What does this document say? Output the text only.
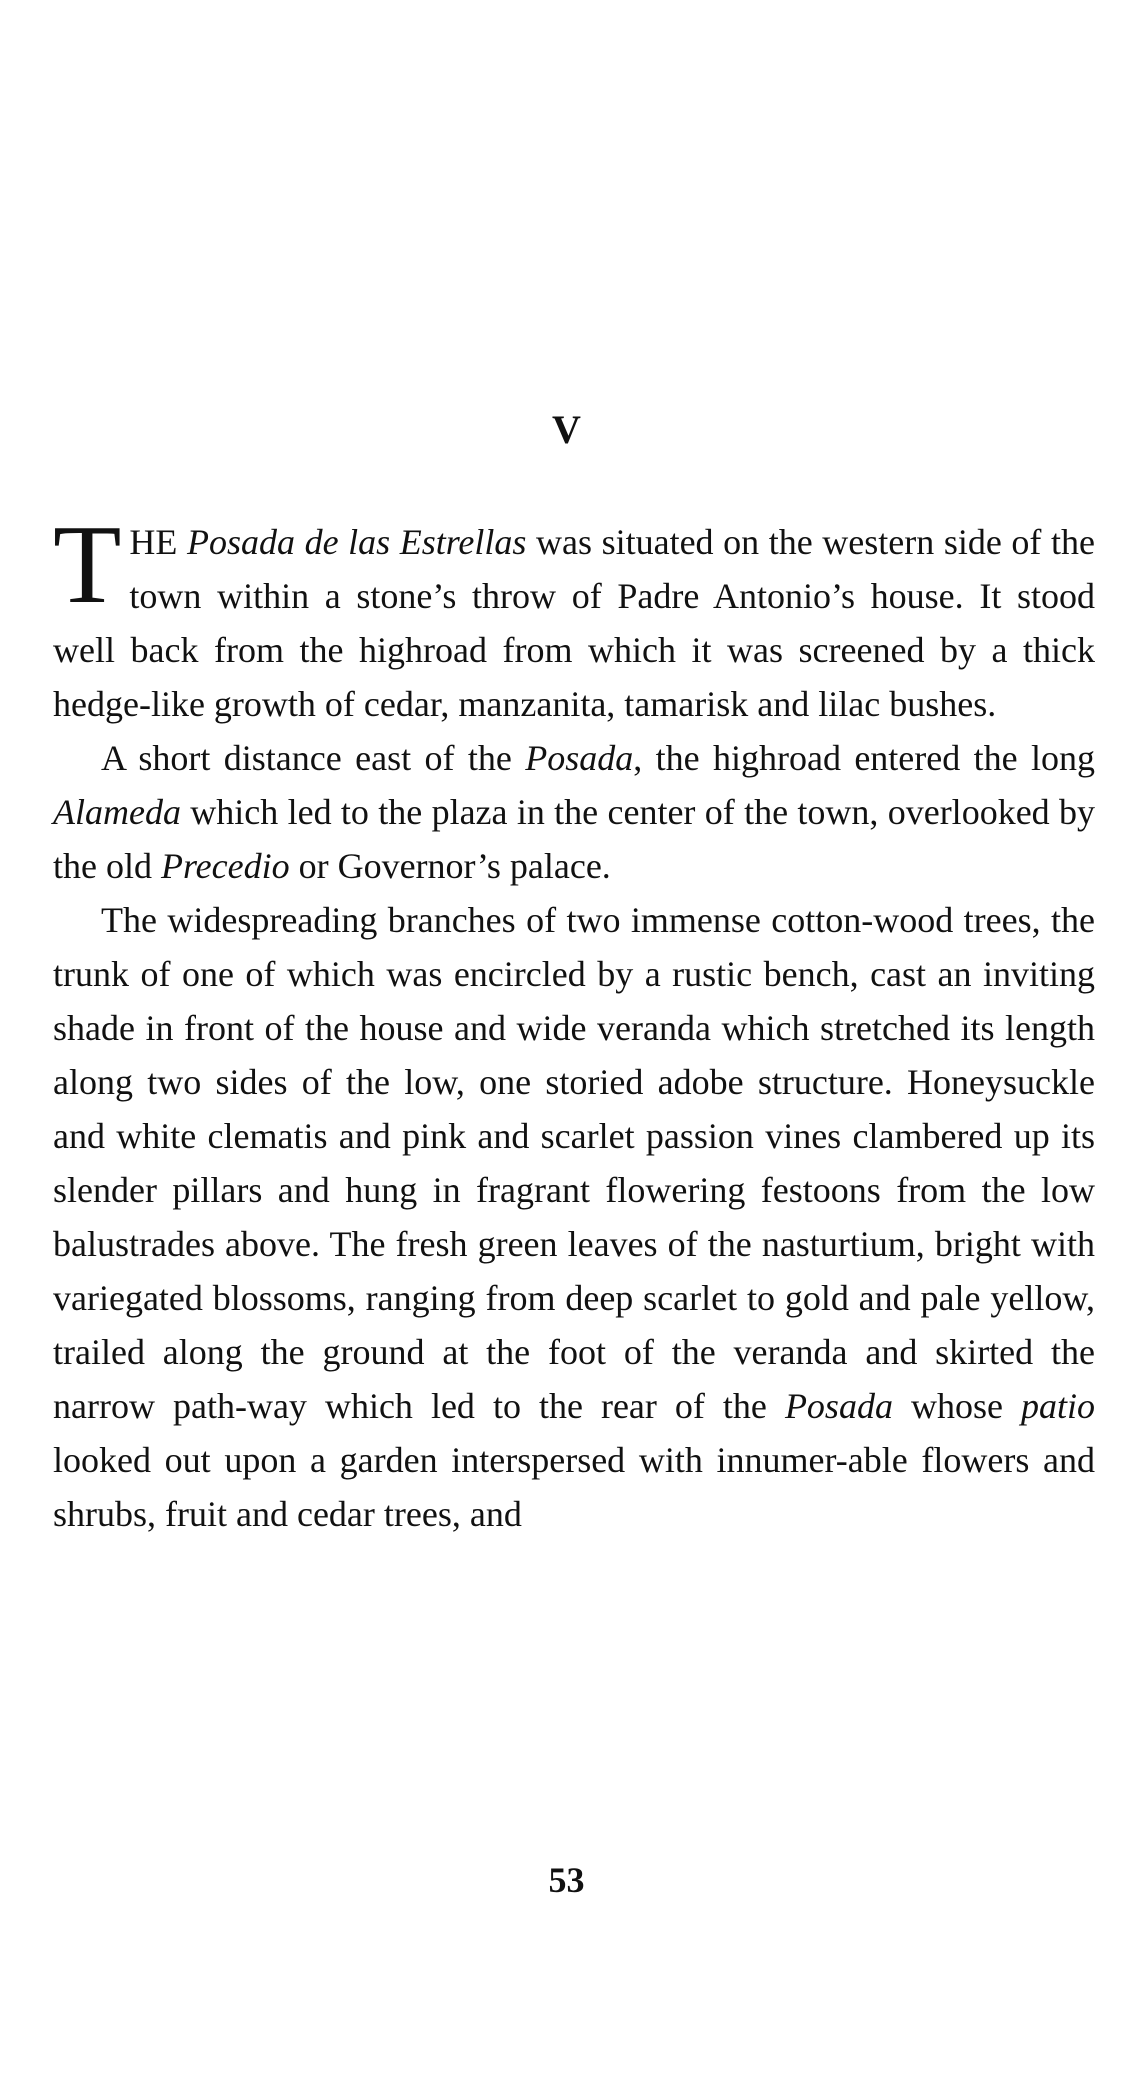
V

THE Posada de las Estrellas was situated on the western side of the town within a stone’s throw of Padre Antonio’s house. It stood well back from the highroad from which it was screened by a thick hedge-like growth of cedar, manzanita, tamarisk and lilac bushes.

A short distance east of the Posada, the highroad entered the long Alameda which led to the plaza in the center of the town, overlooked by the old Precedio or Governor’s palace.

The widespreading branches of two immense cotton-wood trees, the trunk of one of which was encircled by a rustic bench, cast an inviting shade in front of the house and wide veranda which stretched its length along two sides of the low, one storied adobe structure. Honeysuckle and white clematis and pink and scarlet passion vines clambered up its slender pillars and hung in fragrant flowering festoons from the low balustrades above. The fresh green leaves of the nasturtium, bright with variegated blossoms, ranging from deep scarlet to gold and pale yellow, trailed along the ground at the foot of the veranda and skirted the narrow path-way which led to the rear of the Posada whose patio looked out upon a garden interspersed with innumer-able flowers and shrubs, fruit and cedar trees, and

53
